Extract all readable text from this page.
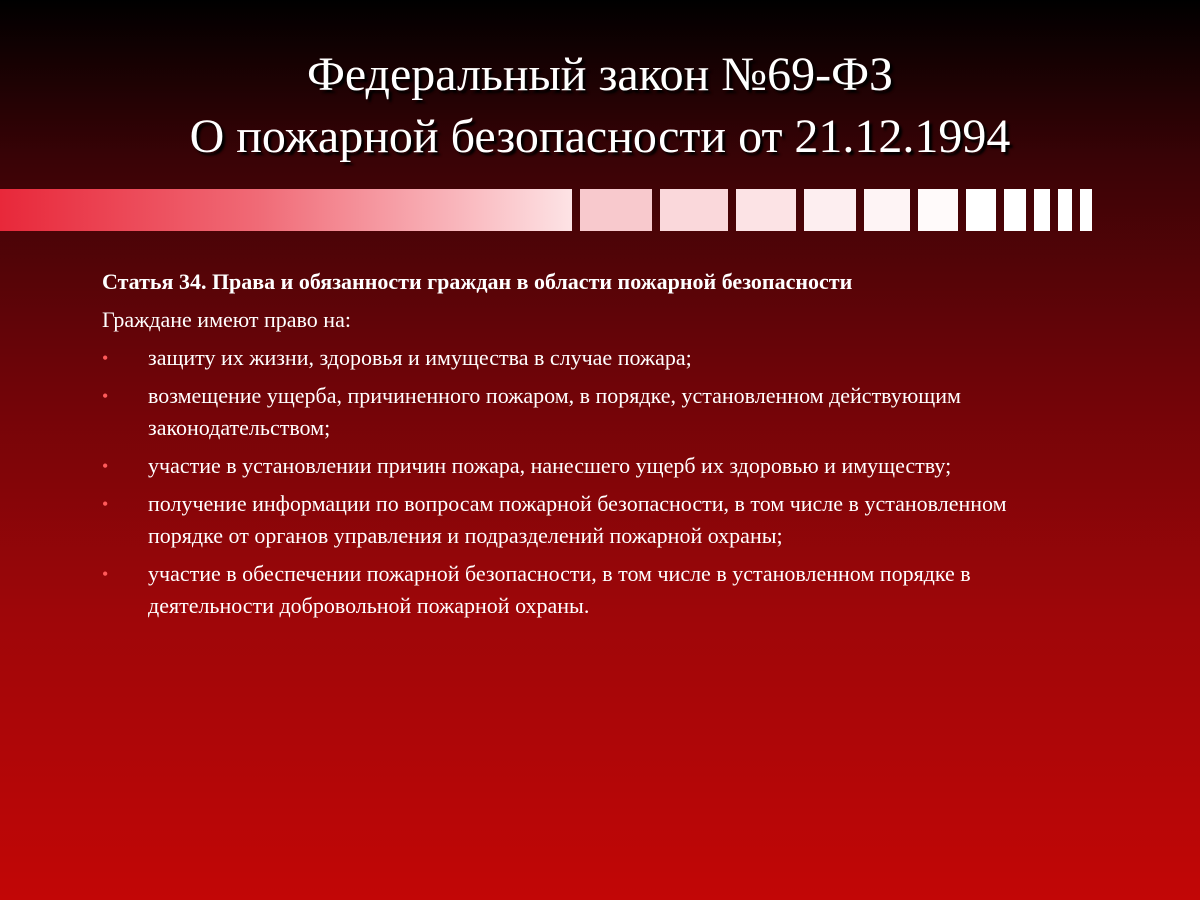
Федеральный закон №69-ФЗ
О пожарной безопасности от 21.12.1994
Статья 34. Права и обязанности граждан в области пожарной безопасности
Граждане имеют право на:
• защиту их жизни, здоровья и имущества в случае пожара;
• возмещение ущерба, причиненного пожаром, в порядке, установленном действующим законодательством;
• участие в установлении причин пожара, нанесшего ущерб их здоровью и имуществу;
• получение информации по вопросам пожарной безопасности, в том числе в установленном порядке от органов управления и подразделений пожарной охраны;
• участие в обеспечении пожарной безопасности, в том числе в установленном порядке в деятельности добровольной пожарной охраны.
